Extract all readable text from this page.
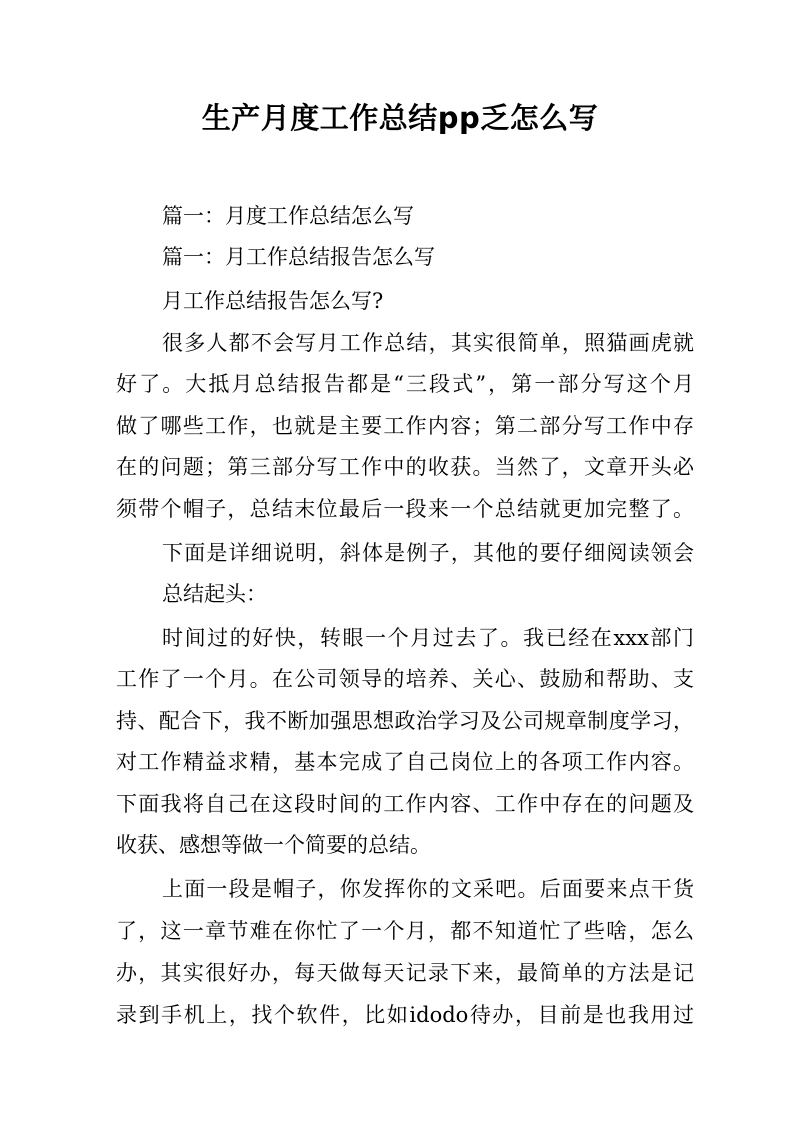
生产月度工作总结pp乏怎么写
篇一：月度工作总结怎么写
篇一：月工作总结报告怎么写
月工作总结报告怎么写?
很多人都不会写月工作总结，其实很简单，照猫画虎就
好了。大抵月总结报告都是“三段式”，第一部分写这个月
做了哪些工作，也就是主要工作内容；第二部分写工作中存
在的问题；第三部分写工作中的收获。当然了，文章开头必
须带个帽子，总结末位最后一段来一个总结就更加完整了。
下面是详细说明，斜体是例子，其他的要仔细阅读领会
总结起头：
时间过的好快，转眼一个月过去了。我已经在xxx部门
工作了一个月。在公司领导的培养、关心、鼓励和帮助、支
持、配合下，我不断加强思想政治学习及公司规章制度学习，
对工作精益求精，基本完成了自己岗位上的各项工作内容。
下面我将自己在这段时间的工作内容、工作中存在的问题及
收获、感想等做一个简要的总结。
上面一段是帽子，你发挥你的文采吧。后面要来点干货
了，这一章节难在你忙了一个月，都不知道忙了些啥，怎么
办，其实很好办，每天做每天记录下来，最简单的方法是记
录到手机上，找个软件，比如idodo待办，目前是也我用过
